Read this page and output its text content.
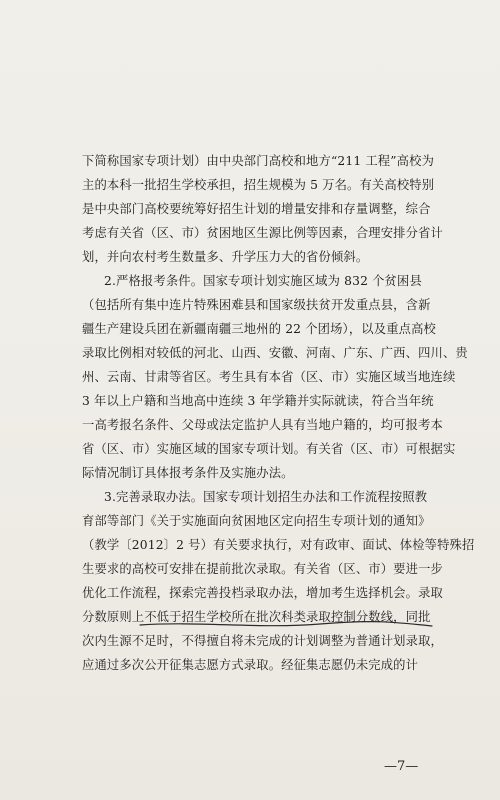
下简称国家专项计划）由中央部门高校和地方“211 工程”高校为
主的本科一批招生学校承担，招生规模为 5 万名。有关高校特别
是中央部门高校要统筹好招生计划的增量安排和存量调整，综合
考虑有关省（区、市）贫困地区生源比例等因素，合理安排分省计
划，并向农村考生数量多、升学压力大的省份倾斜。
2.严格报考条件。国家专项计划实施区域为 832 个贫困县
（包括所有集中连片特殊困难县和国家级扶贫开发重点县，含新
疆生产建设兵团在新疆南疆三地州的 22 个团场），以及重点高校
录取比例相对较低的河北、山西、安徽、河南、广东、广西、四川、贵
州、云南、甘肃等省区。考生具有本省（区、市）实施区域当地连续
3 年以上户籍和当地高中连续 3 年学籍并实际就读，符合当年统
一高考报名条件、父母或法定监护人具有当地户籍的，均可报考本
省（区、市）实施区域的国家专项计划。有关省（区、市）可根据实
际情况制订具体报考条件及实施办法。
3.完善录取办法。国家专项计划招生办法和工作流程按照教
育部等部门《关于实施面向贫困地区定向招生专项计划的通知》
（教学〔2012〕2 号）有关要求执行，对有政审、面试、体检等特殊招
生要求的高校可安排在提前批次录取。有关省（区、市）要进一步
优化工作流程，探索完善投档录取办法，增加考生选择机会。录取
分数原则上不低于招生学校所在批次科类录取控制分数线，同批
次内生源不足时，不得擅自将未完成的计划调整为普通计划录取，
应通过多次公开征集志愿方式录取。经征集志愿仍未完成的计
—7—
